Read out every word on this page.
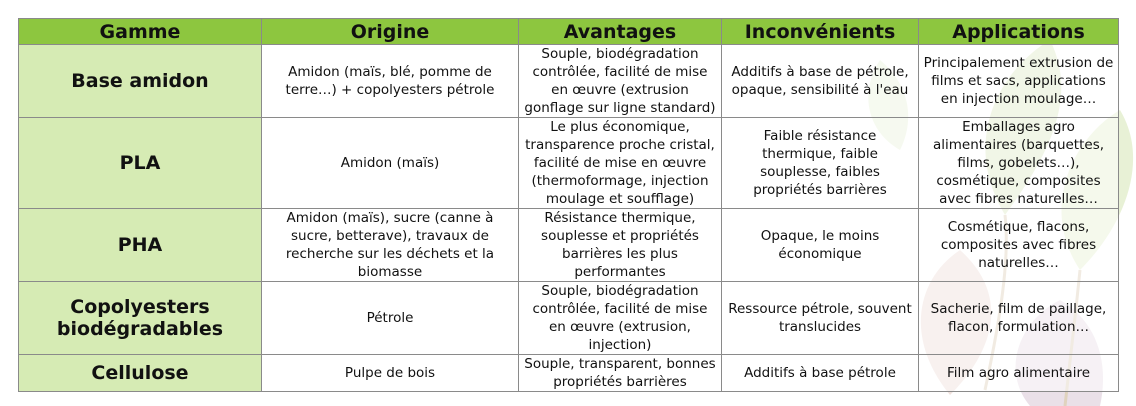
Gamme	Origine	Avantages	Inconvénients	Applications
Base amidon	Amidon (maïs, blé, pomme de terre…) + copolyesters pétrole	Souple, biodégradation contrôlée, facilité de mise en œuvre (extrusion gonflage sur ligne standard)	Additifs à base de pétrole, opaque, sensibilité à l'eau	Principalement extrusion de films et sacs, applications en injection moulage…
PLA	Amidon (maïs)	Le plus économique, transparence proche cristal, facilité de mise en œuvre (thermoformage, injection moulage et soufflage)	Faible résistance thermique, faible souplesse, faibles propriétés barrières	Emballages agro alimentaires (barquettes, films, gobelets…), cosmétique, composites avec fibres naturelles…
PHA	Amidon (maïs), sucre (canne à sucre, betterave), travaux de recherche sur les déchets et la biomasse	Résistance thermique, souplesse et propriétés barrières les plus performantes	Opaque, le moins économique	Cosmétique, flacons, composites avec fibres naturelles…
Copolyesters biodégradables	Pétrole	Souple, biodégradation contrôlée, facilité de mise en œuvre (extrusion, injection)	Ressource pétrole, souvent translucides	Sacherie, film de paillage, flacon, formulation…
Cellulose	Pulpe de bois	Souple, transparent, bonnes propriétés barrières	Additifs à base pétrole	Film agro alimentaire
